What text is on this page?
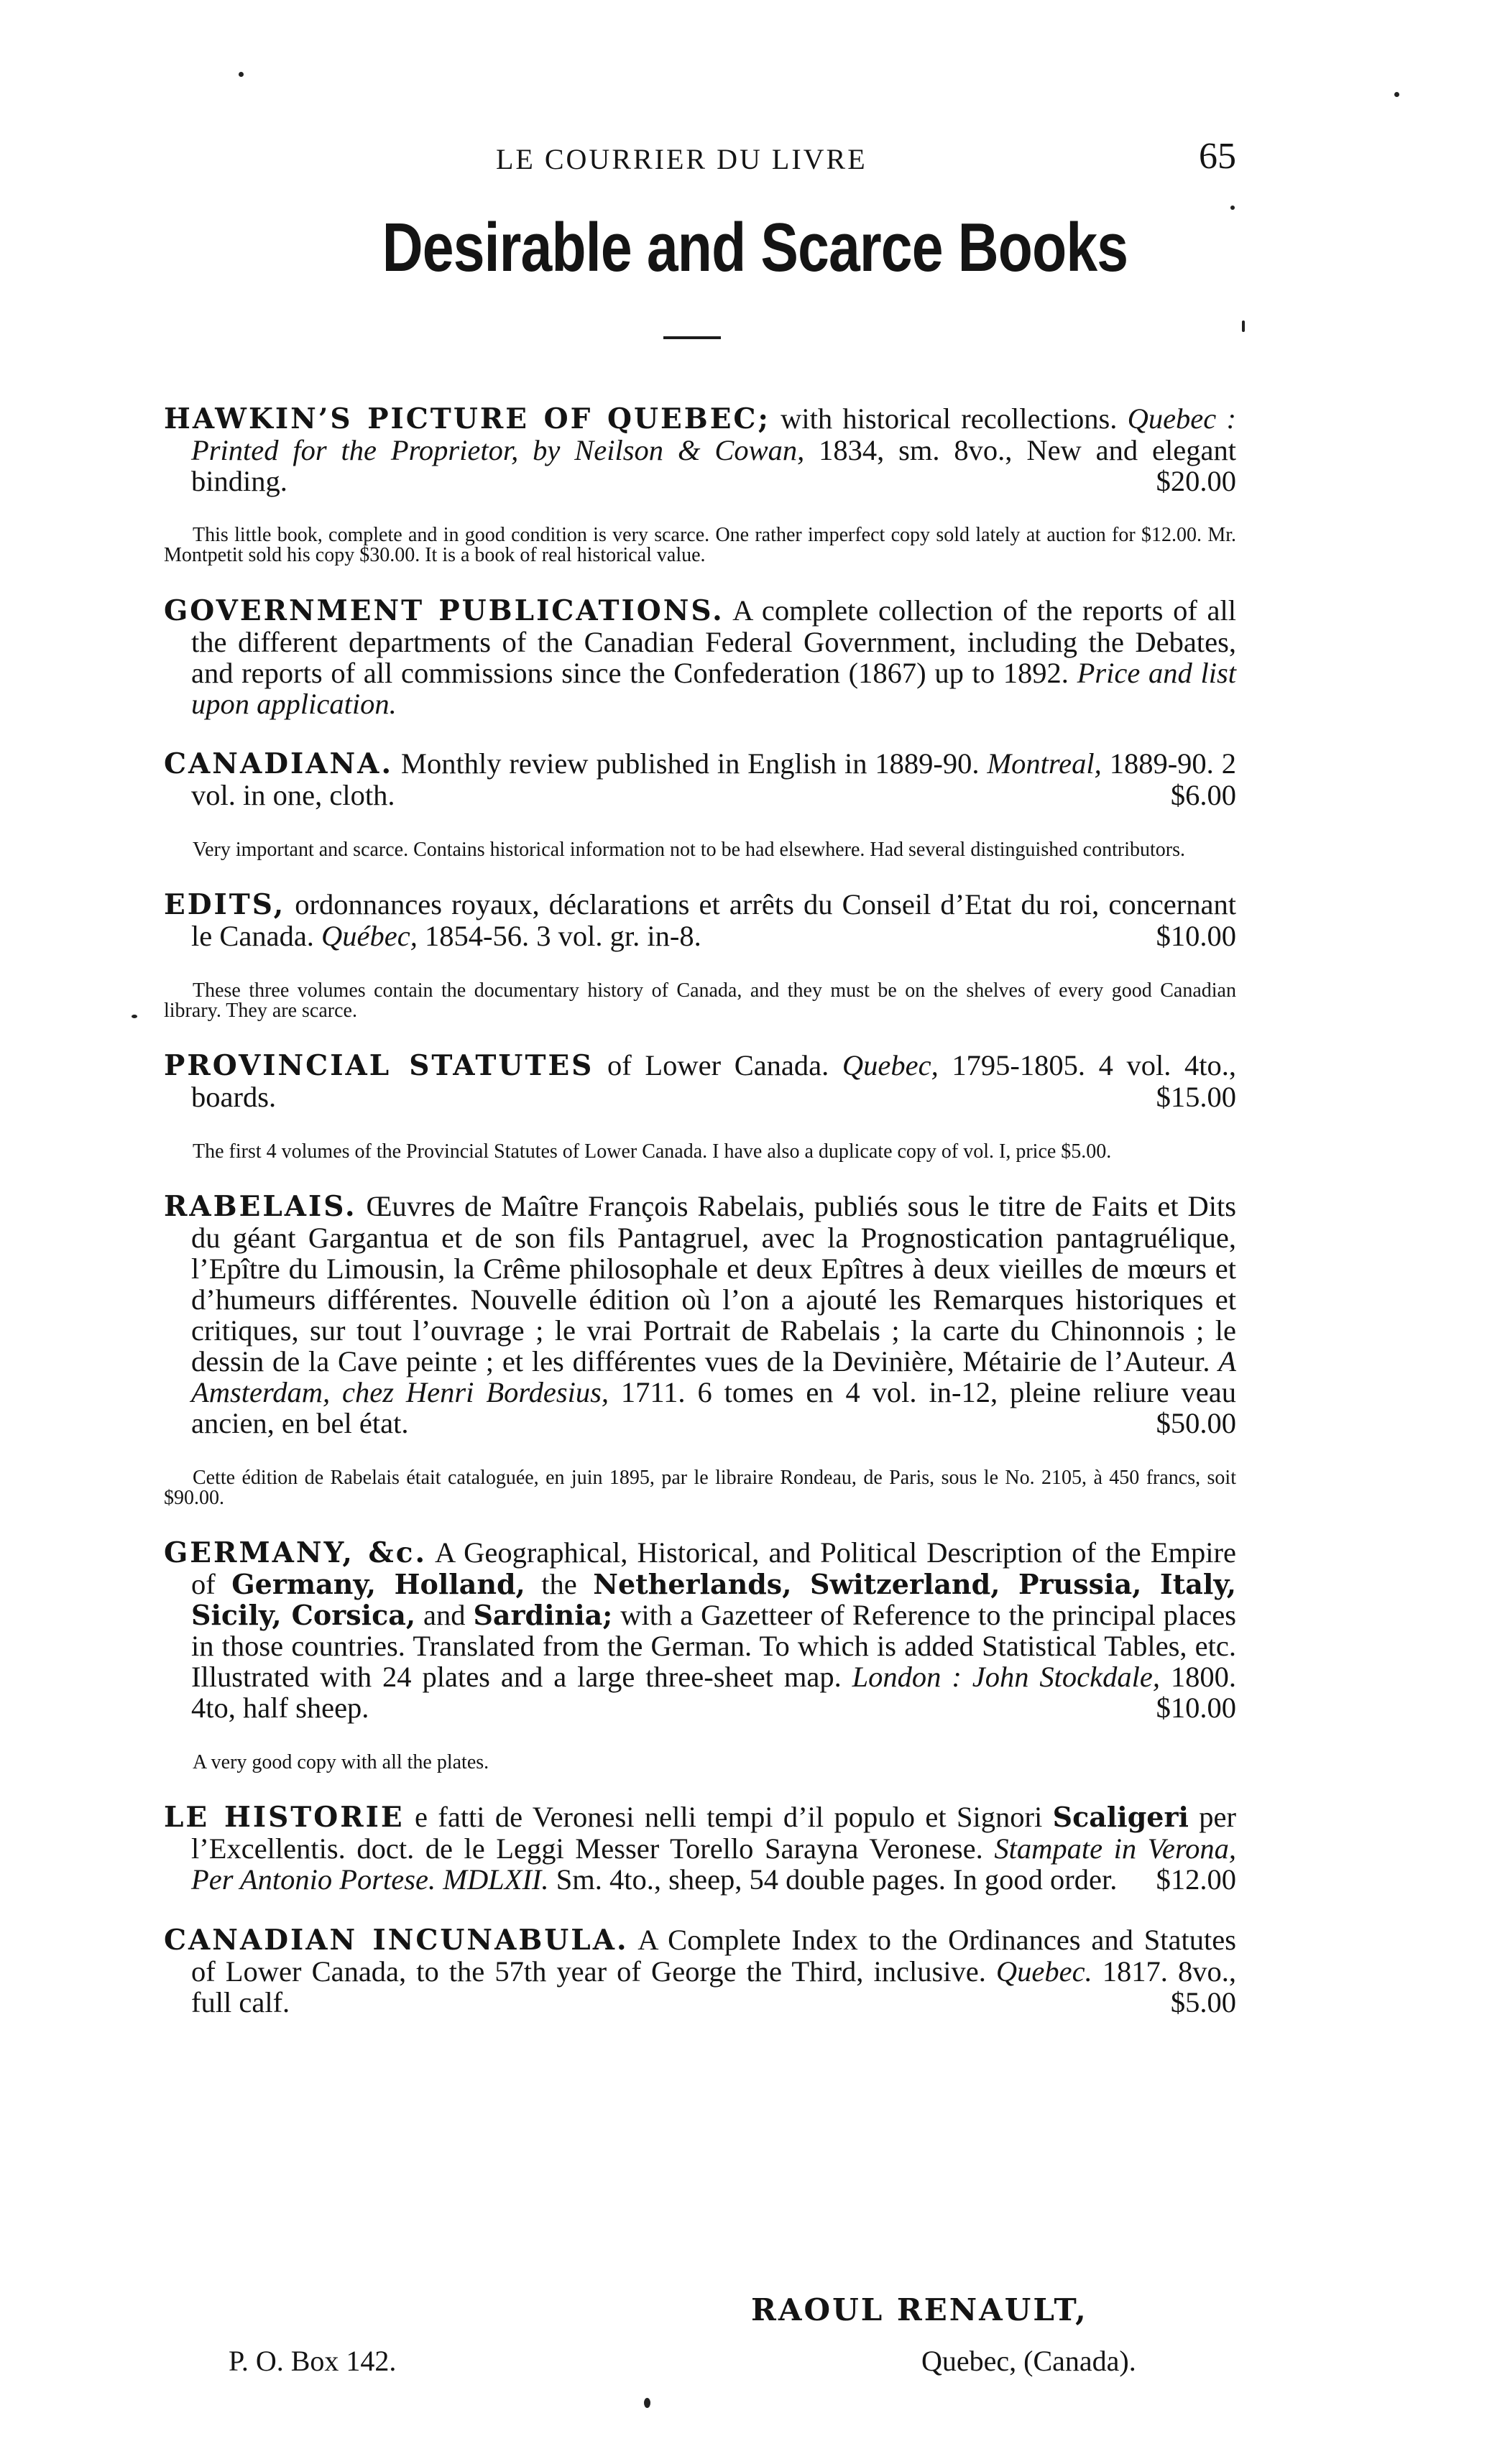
LE COURRIER DU LIVRE	65
Desirable and Scarce Books

HAWKIN’S PICTURE OF QUEBEC; with historical recollections. Quebec : Printed for the Proprietor, by Neilson & Cowan, 1834, sm. 8vo., New and elegant binding.	$20.00

This little book, complete and in good condition is very scarce. One rather imperfect copy sold lately at auction for $12.00. Mr. Montpetit sold his copy $30.00. It is a book of real historical value.

GOVERNMENT PUBLICATIONS. A complete collection of the reports of all the different departments of the Canadian Federal Government, including the Debates, and reports of all commissions since the Confederation (1867) up to 1892. Price and list upon application.

CANADIANA. Monthly review published in English in 1889-90. Montreal, 1889-90. 2 vol. in one, cloth.	$6.00

Very important and scarce. Contains historical information not to be had elsewhere. Had several distinguished contributors.

EDITS, ordonnances royaux, déclarations et arrêts du Conseil d’Etat du roi, concernant le Canada. Québec, 1854-56. 3 vol. gr. in-8.	$10.00

These three volumes contain the documentary history of Canada, and they must be on the shelves of every good Canadian library. They are scarce.

PROVINCIAL STATUTES of Lower Canada. Quebec, 1795-1805. 4 vol. 4to., boards.	$15.00

The first 4 volumes of the Provincial Statutes of Lower Canada. I have also a duplicate copy of vol. I, price $5.00.

RABELAIS. Œuvres de Maître François Rabelais, publiés sous le titre de Faits et Dits du géant Gargantua et de son fils Pantagruel, avec la Prognostication pantagruélique, l’Epître du Limousin, la Crême philosophale et deux Epîtres à deux vieilles de mœurs et d’humeurs différentes. Nouvelle édition où l’on a ajouté les Remarques historiques et critiques, sur tout l’ouvrage ; le vrai Portrait de Rabelais ; la carte du Chinonnois ; le dessin de la Cave peinte ; et les différentes vues de la Devinière, Métairie de l’Auteur. A Amsterdam, chez Henri Bordesius, 1711. 6 tomes en 4 vol. in-12, pleine reliure veau ancien, en bel état.	$50.00

Cette édition de Rabelais était cataloguée, en juin 1895, par le libraire Rondeau, de Paris, sous le No. 2105, à 450 francs, soit $90.00.

GERMANY, &c. A Geographical, Historical, and Political Description of the Empire of Germany, Holland, the Netherlands, Switzerland, Prussia, Italy, Sicily, Corsica, and Sardinia; with a Gazetteer of Reference to the principal places in those countries. Translated from the German. To which is added Statistical Tables, etc. Illustrated with 24 plates and a large three-sheet map. London : John Stockdale, 1800. 4to, half sheep.	$10.00

A very good copy with all the plates.

LE HISTORIE e fatti de Veronesi nelli tempi d’il populo et Signori Scaligeri per l’Excellentis. doct. de le Leggi Messer Torello Sarayna Veronese. Stampate in Verona, Per Antonio Portese. MDLXII. Sm. 4to., sheep, 54 double pages. In good order. $12.00

CANADIAN INCUNABULA. A Complete Index to the Ordinances and Statutes of Lower Canada, to the 57th year of George the Third, inclusive. Quebec. 1817. 8vo., full calf.	$5.00

RAOUL RENAULT,
P. O. Box 142.	Quebec, (Canada).
